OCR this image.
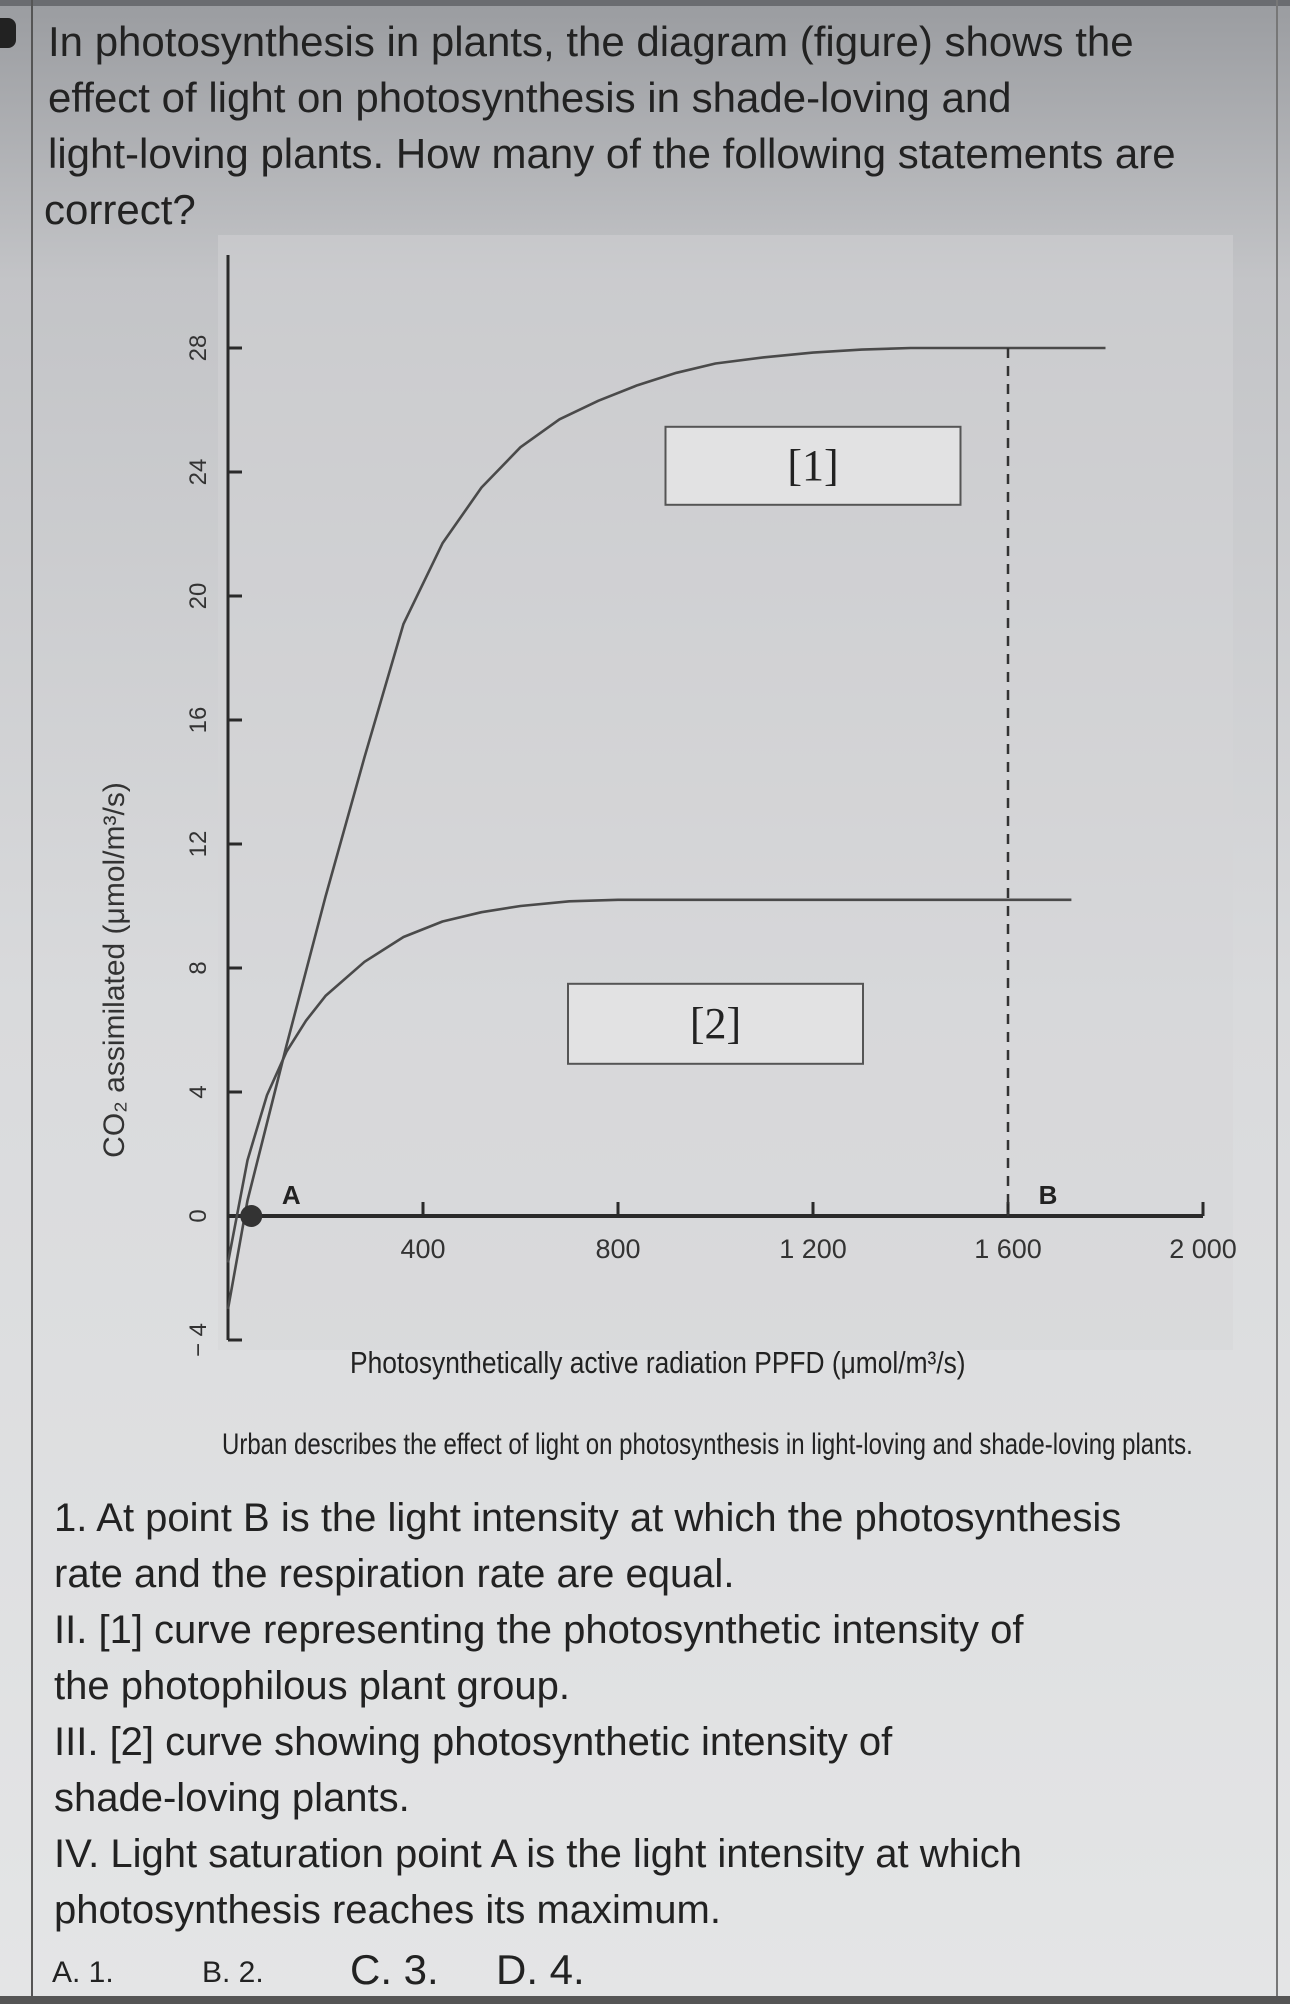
In photosynthesis in plants, the diagram (figure) shows the
effect of light on photosynthesis in shade-loving and
light-loving plants. How many of the following statements are
correct?
CO₂ assimilated (μmol/m³/s)
− 4
0
4
8
12
16
20
24
28
400	800	1 200	1 600	2 000
[1]
[2]
A	B
Photosynthetically active radiation PPFD (μmol/m³/s)
Urban describes the effect of light on photosynthesis in light-loving and shade-loving plants.

1. At point B is the light intensity at which the photosynthesis

rate and the respiration rate are equal.

II. [1] curve representing the photosynthetic intensity of

the photophilous plant group.

III. [2] curve showing photosynthetic intensity of

shade-loving plants.

IV. Light saturation point A is the light intensity at which

photosynthesis reaches its maximum.

A. 1.	B. 2. C. 3. D. 4.
